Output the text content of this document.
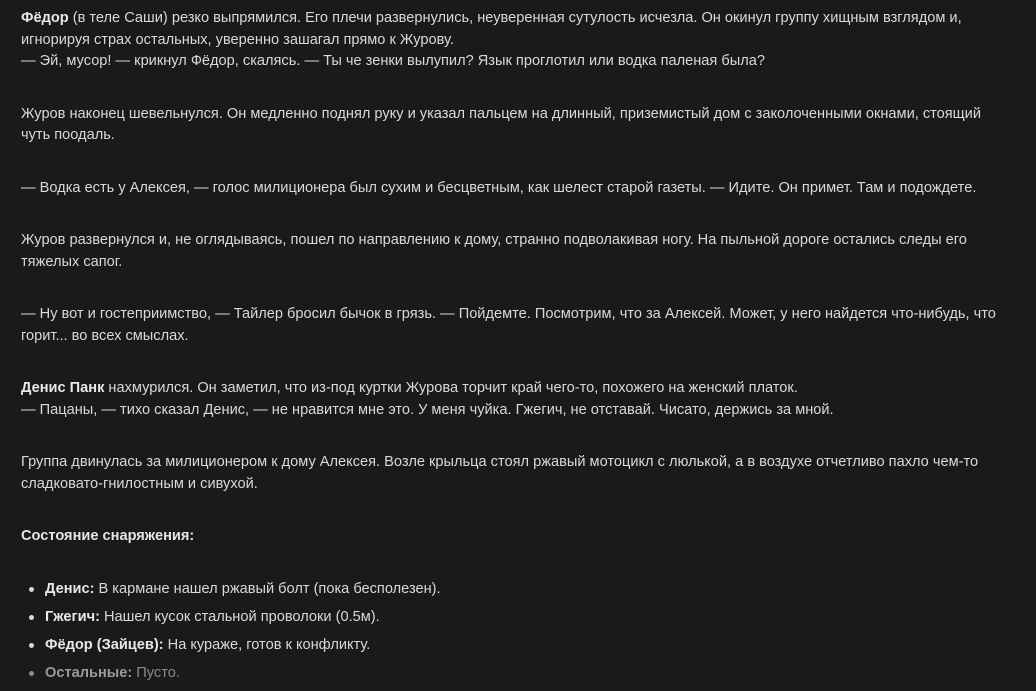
Фёдор (в теле Саши) резко выпрямился. Его плечи развернулись, неуверенная сутулость исчезла. Он окинул группу хищным взглядом и, игнорируя страх остальных, уверенно зашагал прямо к Журову.
— Эй, мусор! — крикнул Фёдор, скалясь. — Ты че зенки вылупил? Язык проглотил или водка паленая была?

Журов наконец шевельнулся. Он медленно поднял руку и указал пальцем на длинный, приземистый дом с заколоченными окнами, стоящий чуть поодаль.

— Водка есть у Алексея, — голос милиционера был сухим и бесцветным, как шелест старой газеты. — Идите. Он примет. Там и подождете.

Журов развернулся и, не оглядываясь, пошел по направлению к дому, странно подволакивая ногу. На пыльной дороге остались следы его тяжелых сапог.

— Ну вот и гостеприимство, — Тайлер бросил бычок в грязь. — Пойдемте. Посмотрим, что за Алексей. Может, у него найдется что-нибудь, что горит... во всех смыслах.

Денис Панк нахмурился. Он заметил, что из-под куртки Журова торчит край чего-то, похожего на женский платок.
— Пацаны, — тихо сказал Денис, — не нравится мне это. У меня чуйка. Гжегич, не отставай. Чисато, держись за мной.

Группа двинулась за милиционером к дому Алексея. Возле крыльца стоял ржавый мотоцикл с люлькой, а в воздухе отчетливо пахло чем-то сладковато-гнилостным и сивухой.

Состояние снаряжения:
Денис: В кармане нашел ржавый болт (пока бесполезен).
Гжегич: Нашел кусок стальной проволоки (0.5м).
Фёдор (Зайцев): На кураже, готов к конфликту.
Остальные: Пусто.
